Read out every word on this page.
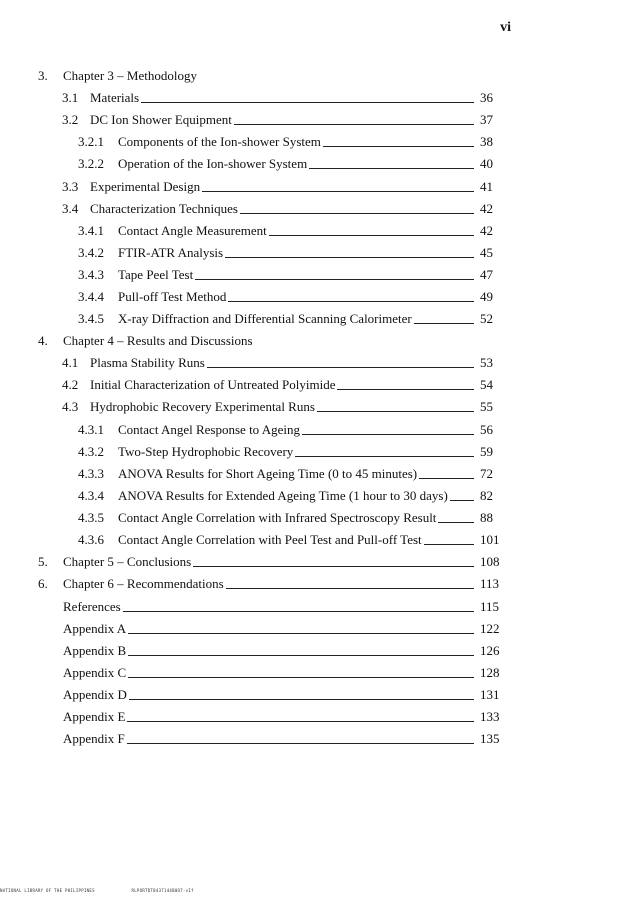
vi
3.	Chapter 3 – Methodology
3.1 Materials	36
3.2 DC Ion Shower Equipment	37
3.2.1	Components of the Ion-shower System	38
3.2.2	Operation of the Ion-shower System	40
3.3 Experimental Design	41
3.4 Characterization Techniques	42
3.4.1	Contact Angle Measurement	42
3.4.2	FTIR-ATR Analysis	45
3.4.3	Tape Peel Test	47
3.4.4	Pull-off Test Method	49
3.4.5	X-ray Diffraction and Differential Scanning Calorimeter	52
4.	Chapter 4 – Results and Discussions
4.1 Plasma Stability Runs	53
4.2 Initial Characterization of Untreated Polyimide	54
4.3 Hydrophobic Recovery Experimental Runs	55
4.3.1	Contact Angel Response to Ageing	56
4.3.2	Two-Step Hydrophobic Recovery	59
4.3.3	ANOVA Results for Short Ageing Time (0 to 45 minutes)	72
4.3.4	ANOVA Results for Extended Ageing Time (1 hour to 30 days) 82
4.3.5	Contact Angle Correlation with Infrared Spectroscopy Result	88
4.3.6	Contact Angle Correlation with Peel Test and Pull-off Test	101
5.	Chapter 5 – Conclusions	108
6.	Chapter 6 – Recommendations	113
References	115
Appendix A	122
Appendix B	126
Appendix C	128
Appendix D	131
Appendix E	133
Appendix F	135
NATIONAL LIBRARY OF THE PHILIPPINES	RLPORTDT8437144B0O7-vIf
